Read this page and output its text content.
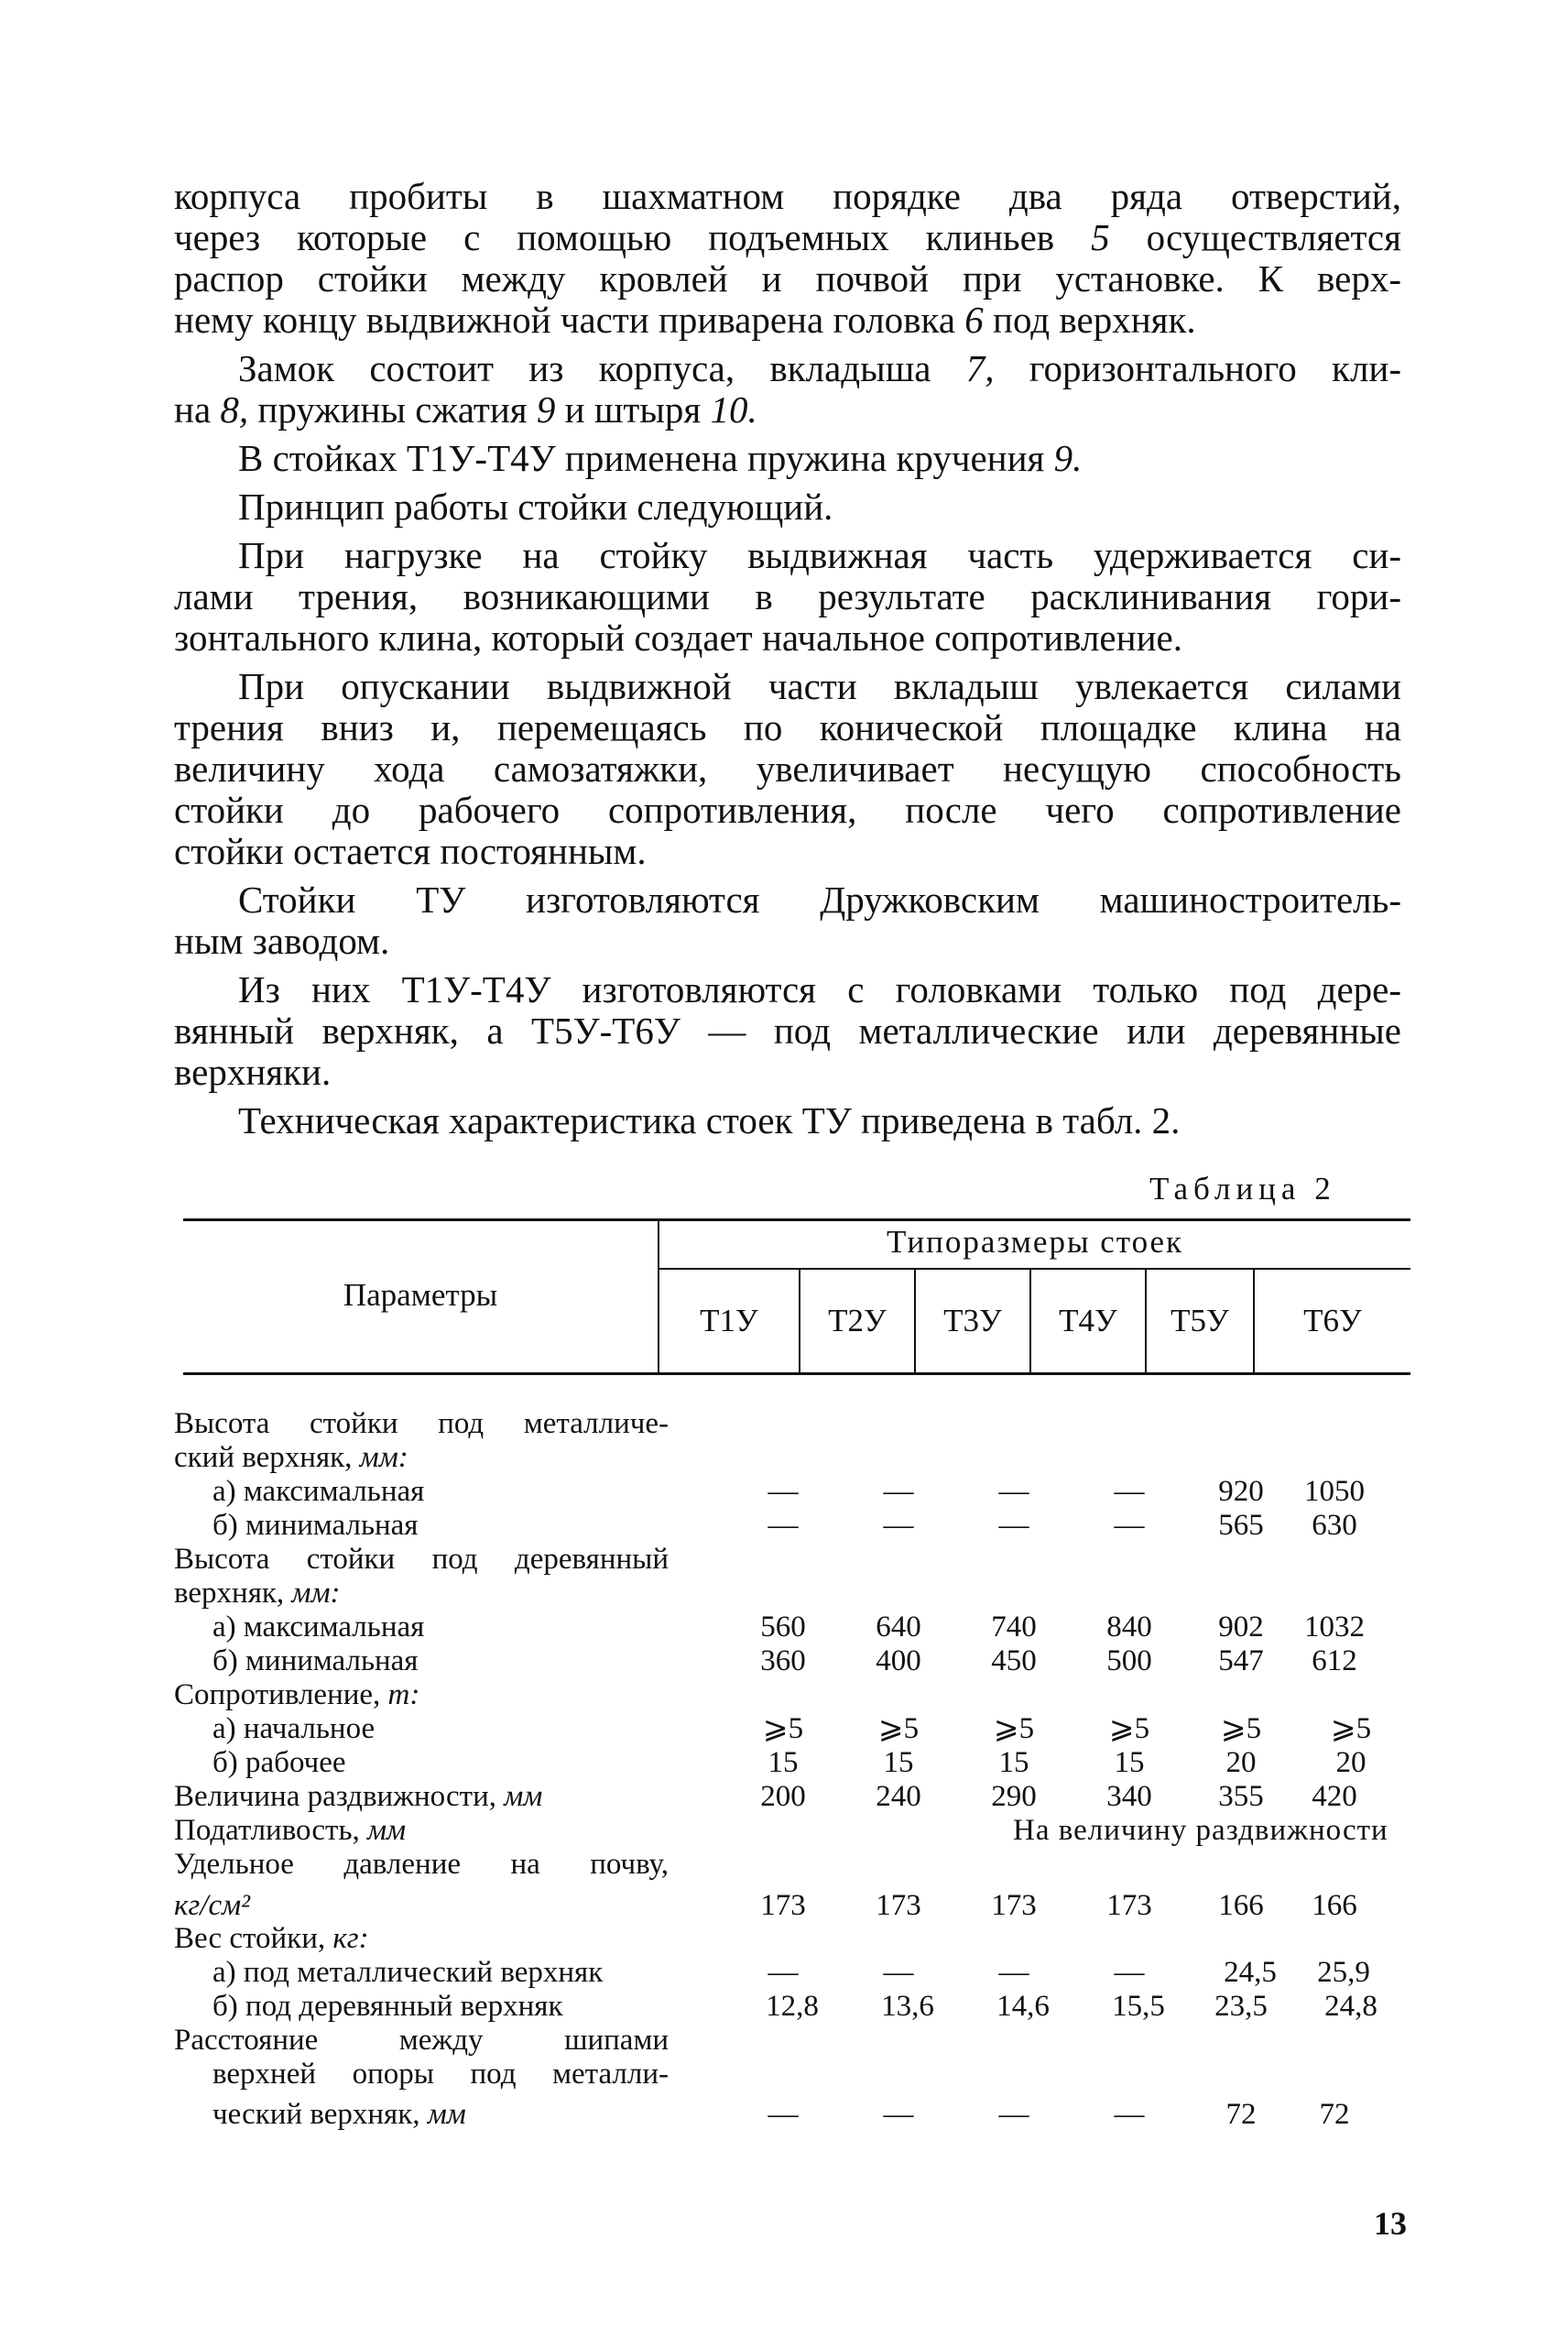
корпуса пробиты в шахматном порядке два ряда отверстий,
через которые с помощью подъемных клиньев 5 осуществляется
распор стойки между кровлей и почвой при установке. К верх-
нему концу выдвижной части приварена головка 6 под верхняк.

Замок состоит из корпуса, вкладыша 7, горизонтального кли-
на 8, пружины сжатия 9 и штыря 10.

В стойках Т1У-Т4У применена пружина кручения 9.

Принцип работы стойки следующий.

При нагрузке на стойку выдвижная часть удерживается си-
лами трения, возникающими в результате расклинивания гори-
зонтального клина, который создает начальное сопротивление.

При опускании выдвижной части вкладыш увлекается силами
трения вниз и, перемещаясь по конической площадке клина на
величину хода самозатяжки, увеличивает несущую способность
стойки до рабочего сопротивления, после чего сопротивление
стойки остается постоянным.

Стойки ТУ изготовляются Дружковским машиностроитель-
ным заводом.

Из них Т1У-Т4У изготовляются с головками только под дере-
вянный верхняк, а Т5У-Т6У — под металлические или деревянные
верхняки.

Техническая характеристика стоек ТУ приведена в табл. 2.

Таблица 2
Параметры
Типоразмеры стоек
Т1У	Т2У	Т3У	Т4У	Т5У	Т6У
Высота стойки под металличе-
ский верхняк, мм:
а) максимальная	—	—	—	—	920	1050
б) минимальная	—	—	—	—	565	630
Высота стойки под деревянный
верхняк, мм:
а) максимальная	560	640	740	840	902	1032
б) минимальная	360	400	450	500	547	612
Сопротивление, т:
а) начальное	⩾5	⩾5	⩾5	⩾5	⩾5	⩾5
б) рабочее	15	15	15	15	20	20
Величина раздвижности, мм	200	240	290	340	355	420
Податливость, мм	На величину раздвижности
Удельное давление на почву,
кг/см²	173	173	173	173	166	166
Вес стойки, кг:
а) под металлический верхняк	—	—	—	—	24,5	25,9
б) под деревянный верхняк	12,8	13,6	14,6	15,5	23,5	24,8
Расстояние между шипами
верхней опоры под металли-
ческий верхняк, мм	—	—	—	—	72	72
13
